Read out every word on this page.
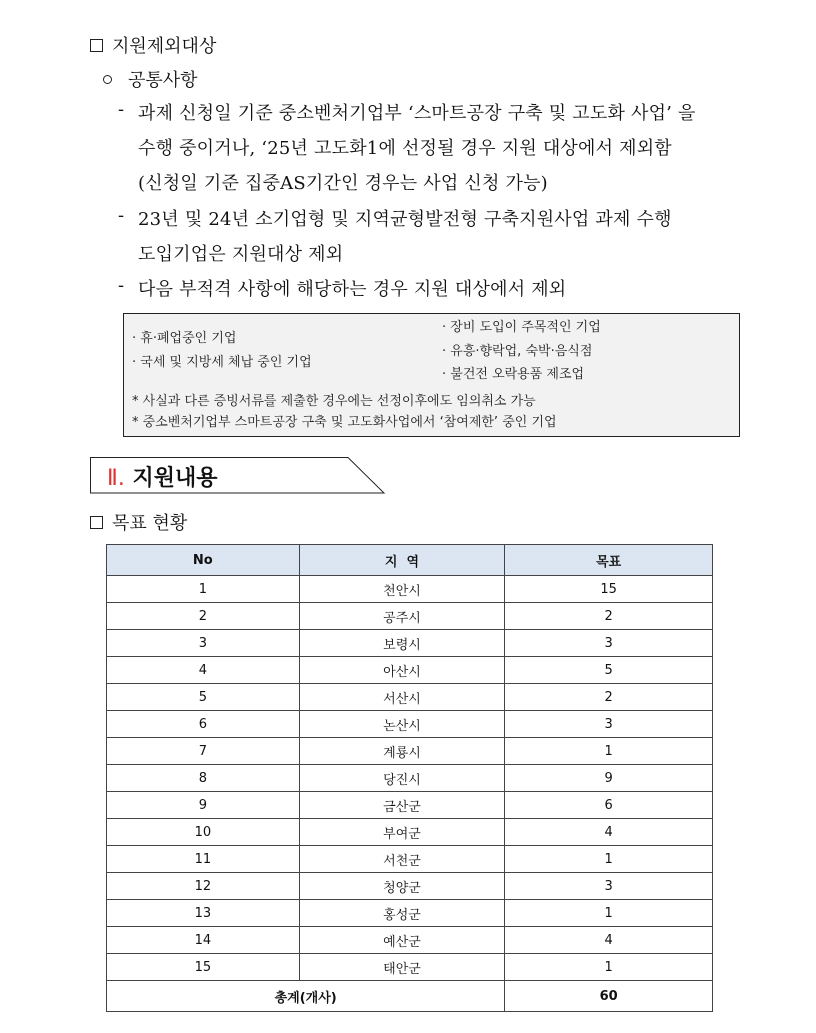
지원제외대상
공통사항
- 과제 신청일 기준 중소벤처기업부 ‘스마트공장 구축 및 고도화 사업’ 을
수행 중이거나, ‘25년 고도화1에 선정될 경우 지원 대상에서 제외함
(신청일 기준 집중AS기간인 경우는 사업 신청 가능)
- 23년 및 24년 소기업형 및 지역균형발전형 구축지원사업 과제 수행
도입기업은 지원대상 제외
- 다음 부적격 사항에 해당하는 경우 지원 대상에서 제외
· 휴·폐업중인 기업
· 국세 및 지방세 체납 중인 기업
· 장비 도입이 주목적인 기업
· 유흥·향락업, 숙박·음식점
· 불건전 오락용품 제조업
* 사실과 다른 증빙서류를 제출한 경우에는 선정이후에도 임의취소 가능
* 중소벤처기업부 스마트공장 구축 및 고도화사업에서 ‘참여제한’ 중인 기업
Ⅱ. 지원내용
목표 현황
No	지  역	목표
1	천안시	15
2	공주시	2
3	보령시	3
4	아산시	5
5	서산시	2
6	논산시	3
7	계룡시	1
8	당진시	9
9	금산군	6
10	부여군	4
11	서천군	1
12	청양군	3
13	홍성군	1
14	예산군	4
15	태안군	1
총계(개사)		60
